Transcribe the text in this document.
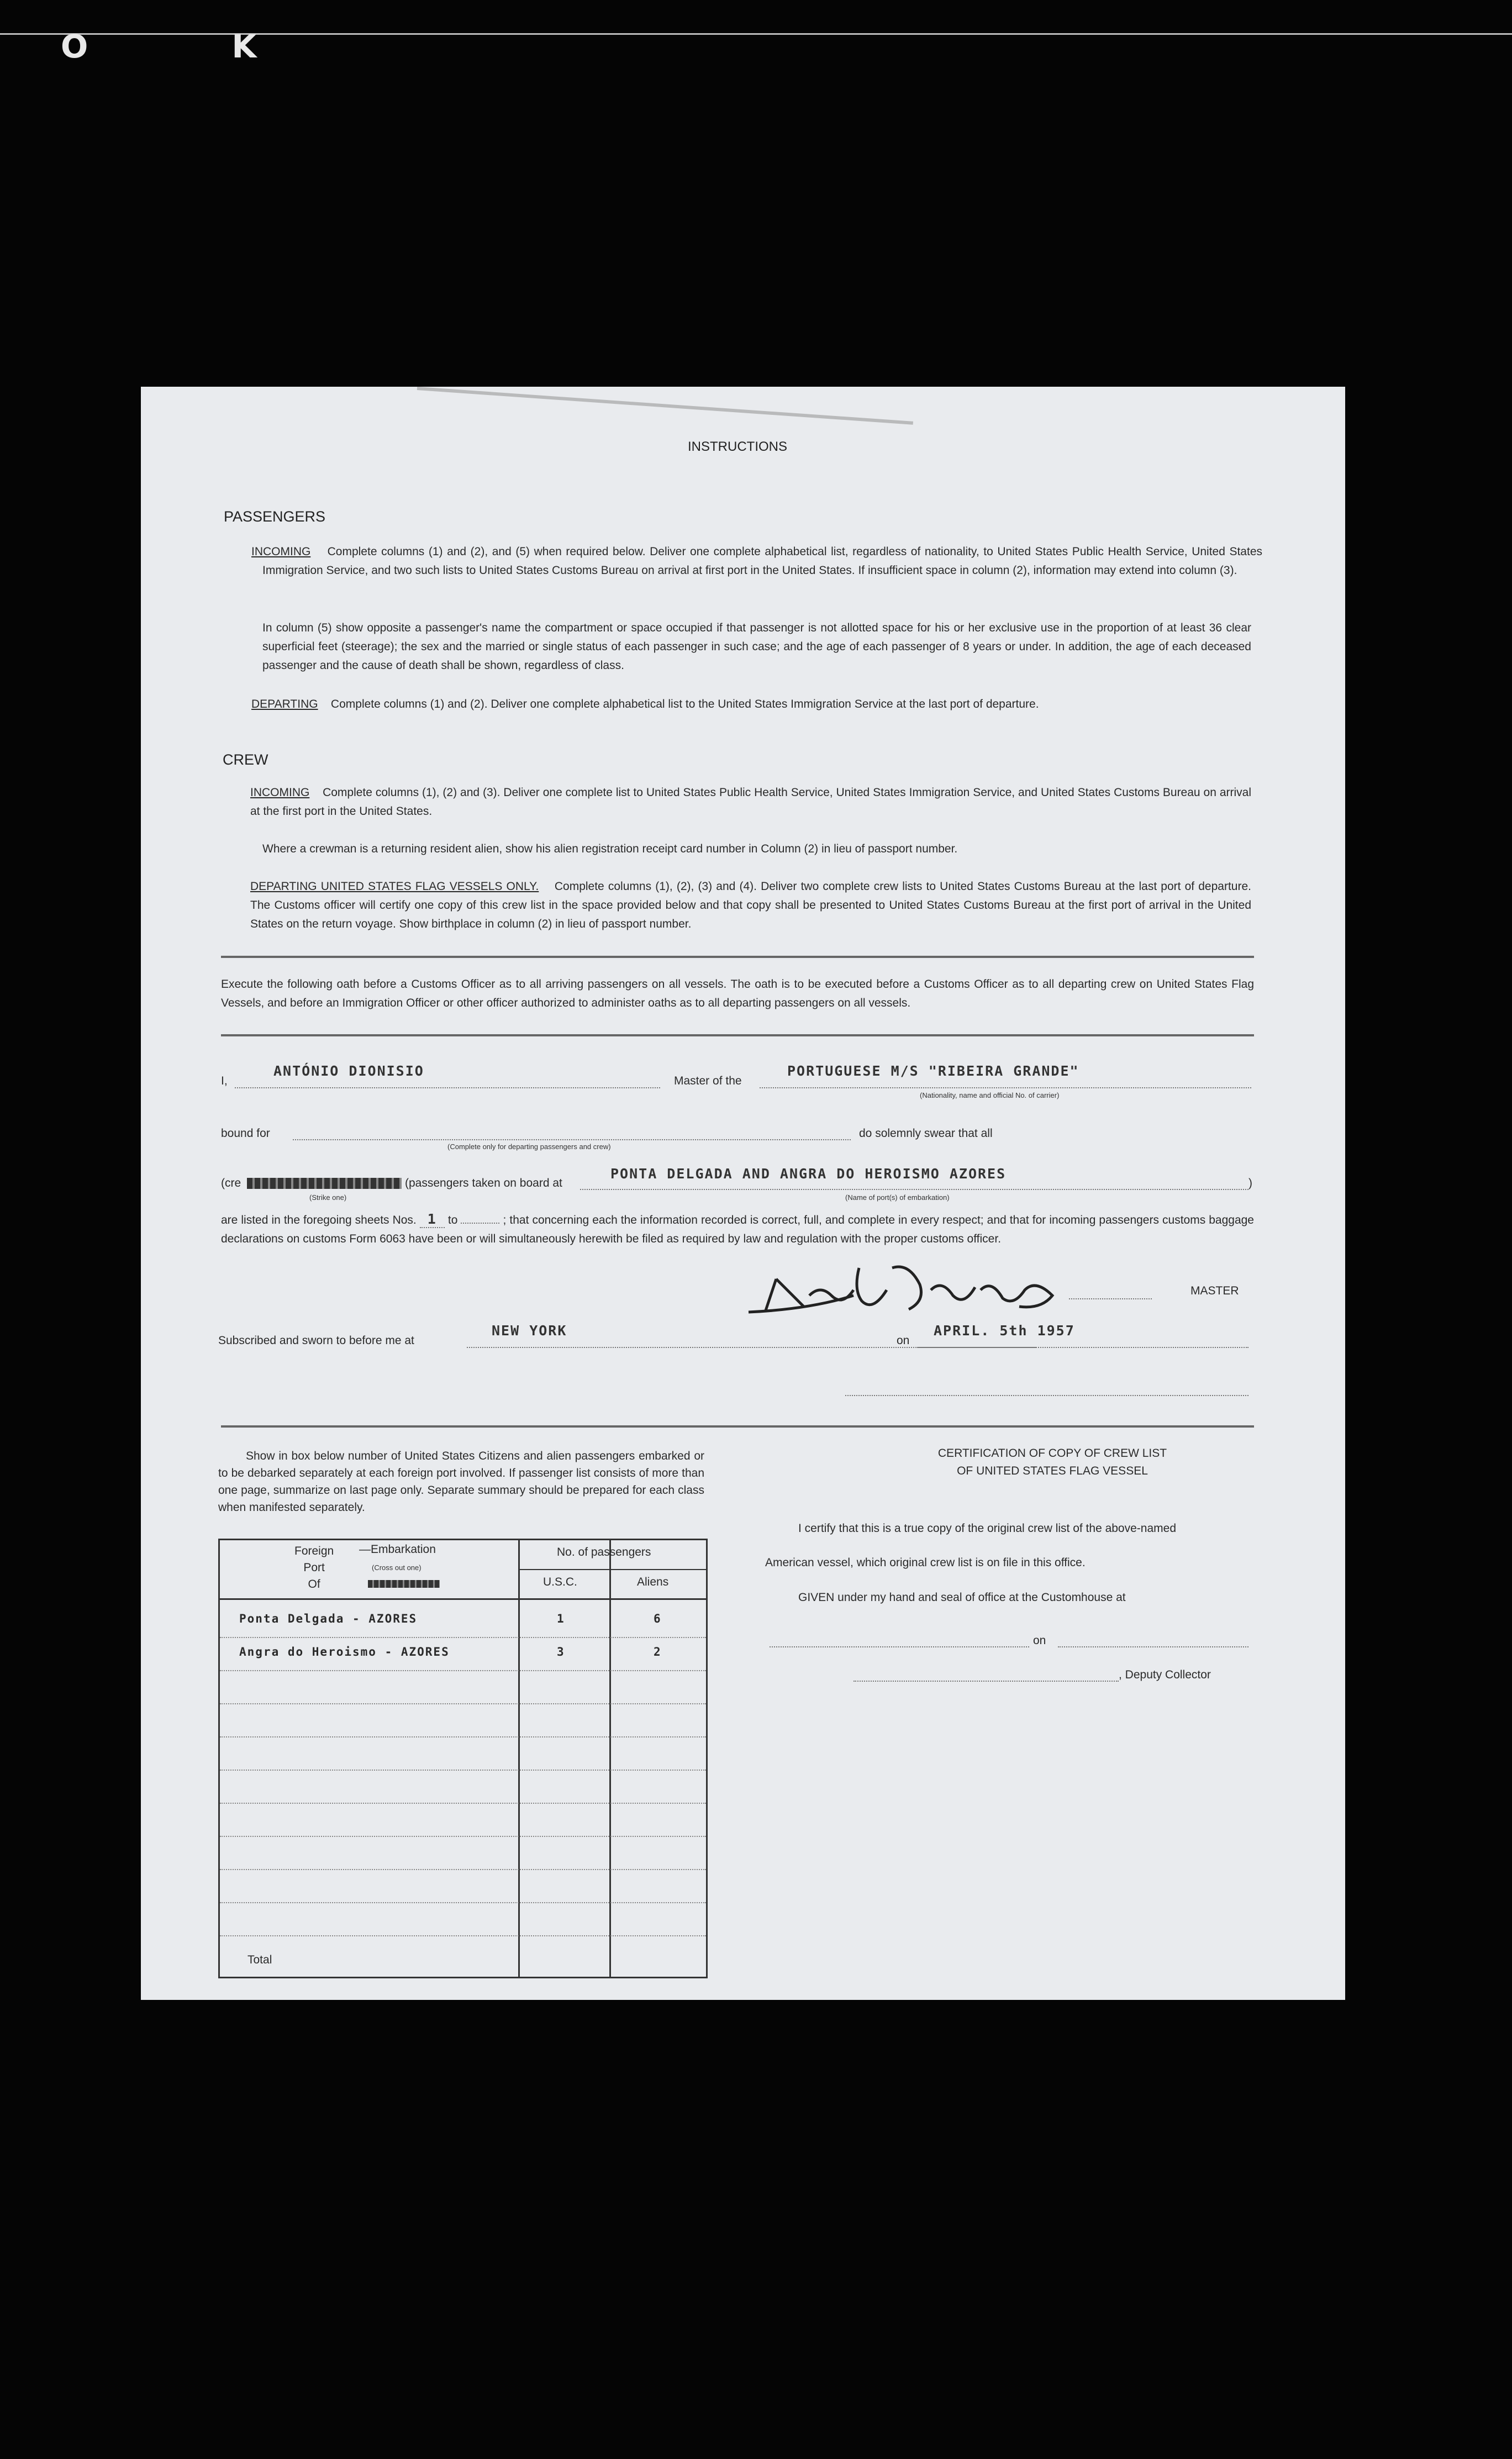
O K
INSTRUCTIONS
PASSENGERS
INCOMING Complete columns (1) and (2), and (5) when required below. Deliver one complete alphabetical list, regardless of nationality, to United States Public Health Service, United States Immigration Service, and two such lists to United States Customs Bureau on arrival at first port in the United States. If insufficient space in column (2), information may extend into column (3).
In column (5) show opposite a passenger's name the compartment or space occupied if that passenger is not allotted space for his or her exclusive use in the proportion of at least 36 clear superficial feet (steerage); the sex and the married or single status of each passenger in such case; and the age of each passenger of 8 years or under. In addition, the age of each deceased passenger and the cause of death shall be shown, regardless of class.
DEPARTING Complete columns (1) and (2). Deliver one complete alphabetical list to the United States Immigration Service at the last port of departure.
CREW
INCOMING Complete columns (1), (2) and (3). Deliver one complete list to United States Public Health Service, United States Immigration Service, and United States Customs Bureau on arrival at the first port in the United States.
Where a crewman is a returning resident alien, show his alien registration receipt card number in Column (2) in lieu of passport number.
DEPARTING UNITED STATES FLAG VESSELS ONLY. Complete columns (1), (2), (3) and (4). Deliver two complete crew lists to United States Customs Bureau at the last port of departure. The Customs officer will certify one copy of this crew list in the space provided below and that copy shall be presented to United States Customs Bureau at the first port of arrival in the United States on the return voyage. Show birthplace in column (2) in lieu of passport number.
Execute the following oath before a Customs Officer as to all arriving passengers on all vessels. The oath is to be executed before a Customs Officer as to all departing crew on United States Flag Vessels, and before an Immigration Officer or other officer authorized to administer oaths as to all departing passengers on all vessels.
I,
ANTÓNIO DIONISIO
Master of the
PORTUGUESE M/S "RIBEIRA GRANDE"
(Nationality, name and official No. of carrier)
bound for
(Complete only for departing passengers and crew)
do solemnly swear that all
(cre
(Strike one)
(passengers taken on board at
PONTA DELGADA AND ANGRA DO HEROISMO AZORES
(Name of port(s) of embarkation)
)
are listed in the foregoing sheets Nos. 1 to	; that concerning each the information recorded is correct, full, and complete in every respect; and that for incoming passengers customs baggage declarations on customs Form 6063 have been or will simultaneously herewith be filed as required by law and regulation with the proper customs officer.
MASTER
Subscribed and sworn to before me at
NEW YORK
on
APRIL. 5th 1957
Show in box below number of United States Citizens and alien passengers embarked or to be debarked separately at each foreign port involved. If passenger list consists of more than one page, summarize on last page only. Separate summary should be prepared for each class when manifested separately.
Foreign
Port
Of
—Embarkation
(Cross out one)
No. of passengers
U.S.C.	Aliens
Ponta Delgada - AZORES	1	6
Angra do Heroismo - AZORES	3	2
Total
CERTIFICATION OF COPY OF CREW LIST
OF UNITED STATES FLAG VESSEL
I certify that this is a true copy of the original crew list of the above-named
American vessel, which original crew list is on file in this office.
GIVEN under my hand and seal of office at the Customhouse at
on
, Deputy Collector
